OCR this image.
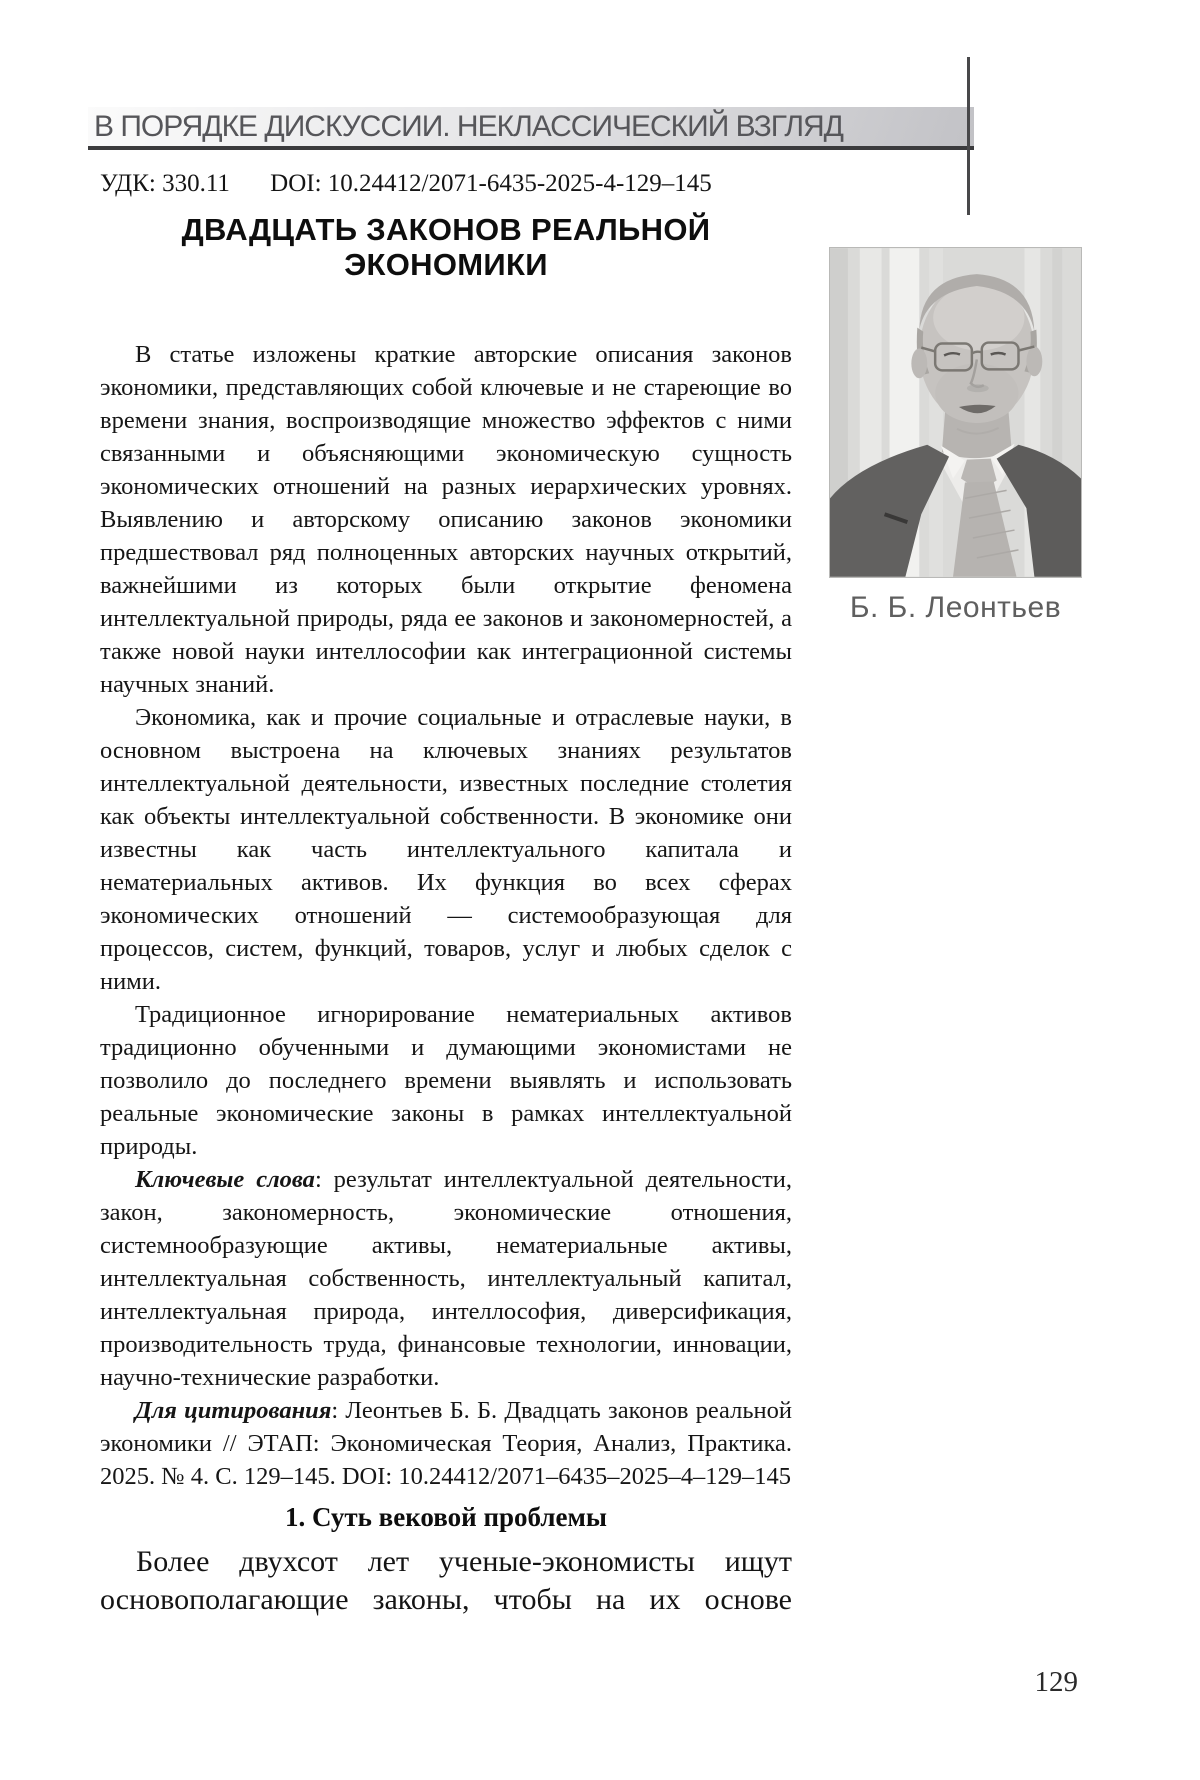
В ПОРЯДКЕ ДИСКУССИИ. НЕКЛАССИЧЕСКИЙ ВЗГЛЯД
УДК: 330.11 DOI: 10.24412/2071-6435-2025-4-129–145
ДВАДЦАТЬ ЗАКОНОВ РЕАЛЬНОЙ
ЭКОНОМИКИ
Б. Б. Леонтьев

В статье изложены краткие авторские описания законов экономики, представляющих собой ключевые и не стареющие во времени знания, воспроизводящие множество эффектов с ними связанными и объясняющими экономическую сущность экономических отношений на разных иерархических уровнях. Выявлению и авторскому описанию законов экономики предшествовал ряд полноценных авторских научных открытий, важнейшими из которых были открытие феномена интеллектуальной природы, ряда ее законов и закономерностей, а также новой науки интеллософии как интеграционной системы научных знаний.

Экономика, как и прочие социальные и отраслевые науки, в основном выстроена на ключевых знаниях результатов интеллектуальной деятельности, известных последние столетия как объекты интеллектуальной собственности. В экономике они известны как часть интеллектуального капитала и нематериальных активов. Их функция во всех сферах экономических отношений — системообразующая для процессов, систем, функций, товаров, услуг и любых сделок с ними.

Традиционное игнорирование нематериальных активов традиционно обученными и думающими экономистами не позволило до последнего времени выявлять и использовать реальные экономические законы в рамках интеллектуальной природы.

Ключевые слова: результат интеллектуальной деятельности, закон, закономерность, экономические отношения, системнообразующие активы, нематериальные активы, интеллектуальная собственность, интеллектуальный капитал, интеллектуальная природа, интеллософия, диверсификация, производительность труда, финансовые технологии, инновации, научно-технические разработки.

Для цитирования: Леонтьев Б. Б. Двадцать законов реальной экономики // ЭТАП: Экономическая Теория, Анализ, Практика. 2025. № 4. С. 129–145. DOI: 10.24412/2071–6435–2025–4–129–145

1. Суть вековой проблемы

Более двухсот лет ученые-экономисты ищут основополагающие законы, чтобы на их основе

129
